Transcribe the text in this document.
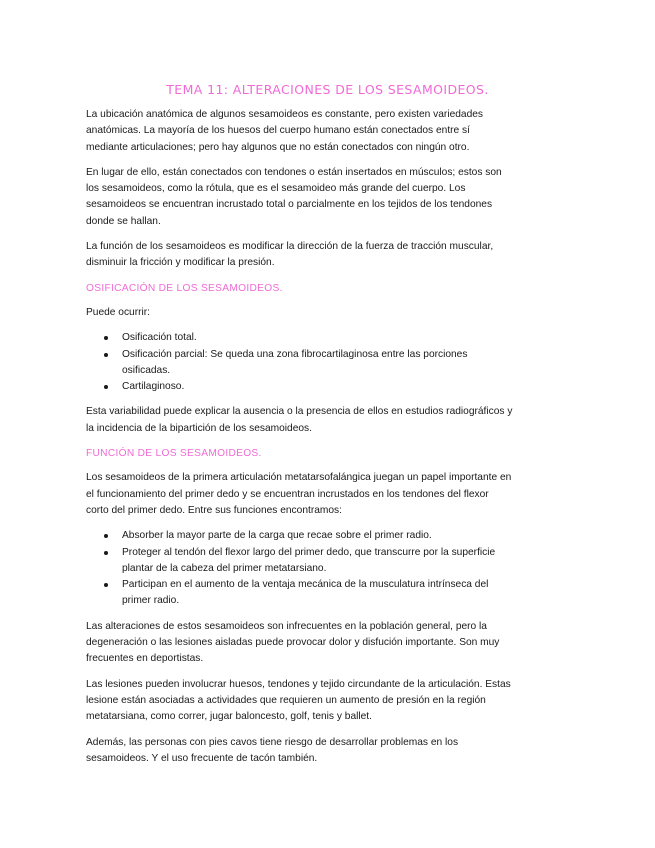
TEMA 11: ALTERACIONES DE LOS SESAMOIDEOS.

La ubicación anatómica de algunos sesamoideos es constante, pero existen variedades anatómicas. La mayoría de los huesos del cuerpo humano están conectados entre sí mediante articulaciones; pero hay algunos que no están conectados con ningún otro.

En lugar de ello, están conectados con tendones o están insertados en músculos; estos son los sesamoideos, como la rótula, que es el sesamoideo más grande del cuerpo. Los sesamoideos se encuentran incrustado total o parcialmente en los tejidos de los tendones donde se hallan.

La función de los sesamoideos es modificar la dirección de la fuerza de tracción muscular, disminuir la fricción y modificar la presión.

OSIFICACIÓN DE LOS SESAMOIDEOS.

Puede ocurrir:

Osificación total.
Osificación parcial: Se queda una zona fibrocartilaginosa entre las porciones osificadas.
Cartilaginoso.

Esta variabilidad puede explicar la ausencia o la presencia de ellos en estudios radiográficos y la incidencia de la bipartición de los sesamoideos.

FUNCIÓN DE LOS SESAMOIDEOS.

Los sesamoideos de la primera articulación metatarsofalángica juegan un papel importante en el funcionamiento del primer dedo y se encuentran incrustados en los tendones del flexor corto del primer dedo. Entre sus funciones encontramos:

Absorber la mayor parte de la carga que recae sobre el primer radio.
Proteger al tendón del flexor largo del primer dedo, que transcurre por la superficie plantar de la cabeza del primer metatarsiano.
Participan en el aumento de la ventaja mecánica de la musculatura intrínseca del primer radio.

Las alteraciones de estos sesamoideos son infrecuentes en la población general, pero la degeneración o las lesiones aisladas puede provocar dolor y disfución importante. Son muy frecuentes en deportistas.

Las lesiones pueden involucrar huesos, tendones y tejido circundante de la articulación. Estas lesione están asociadas a actividades que requieren un aumento de presión en la región metatarsiana, como correr, jugar baloncesto, golf, tenis y ballet.

Además, las personas con pies cavos tiene riesgo de desarrollar problemas en los sesamoideos. Y el uso frecuente de tacón también.
